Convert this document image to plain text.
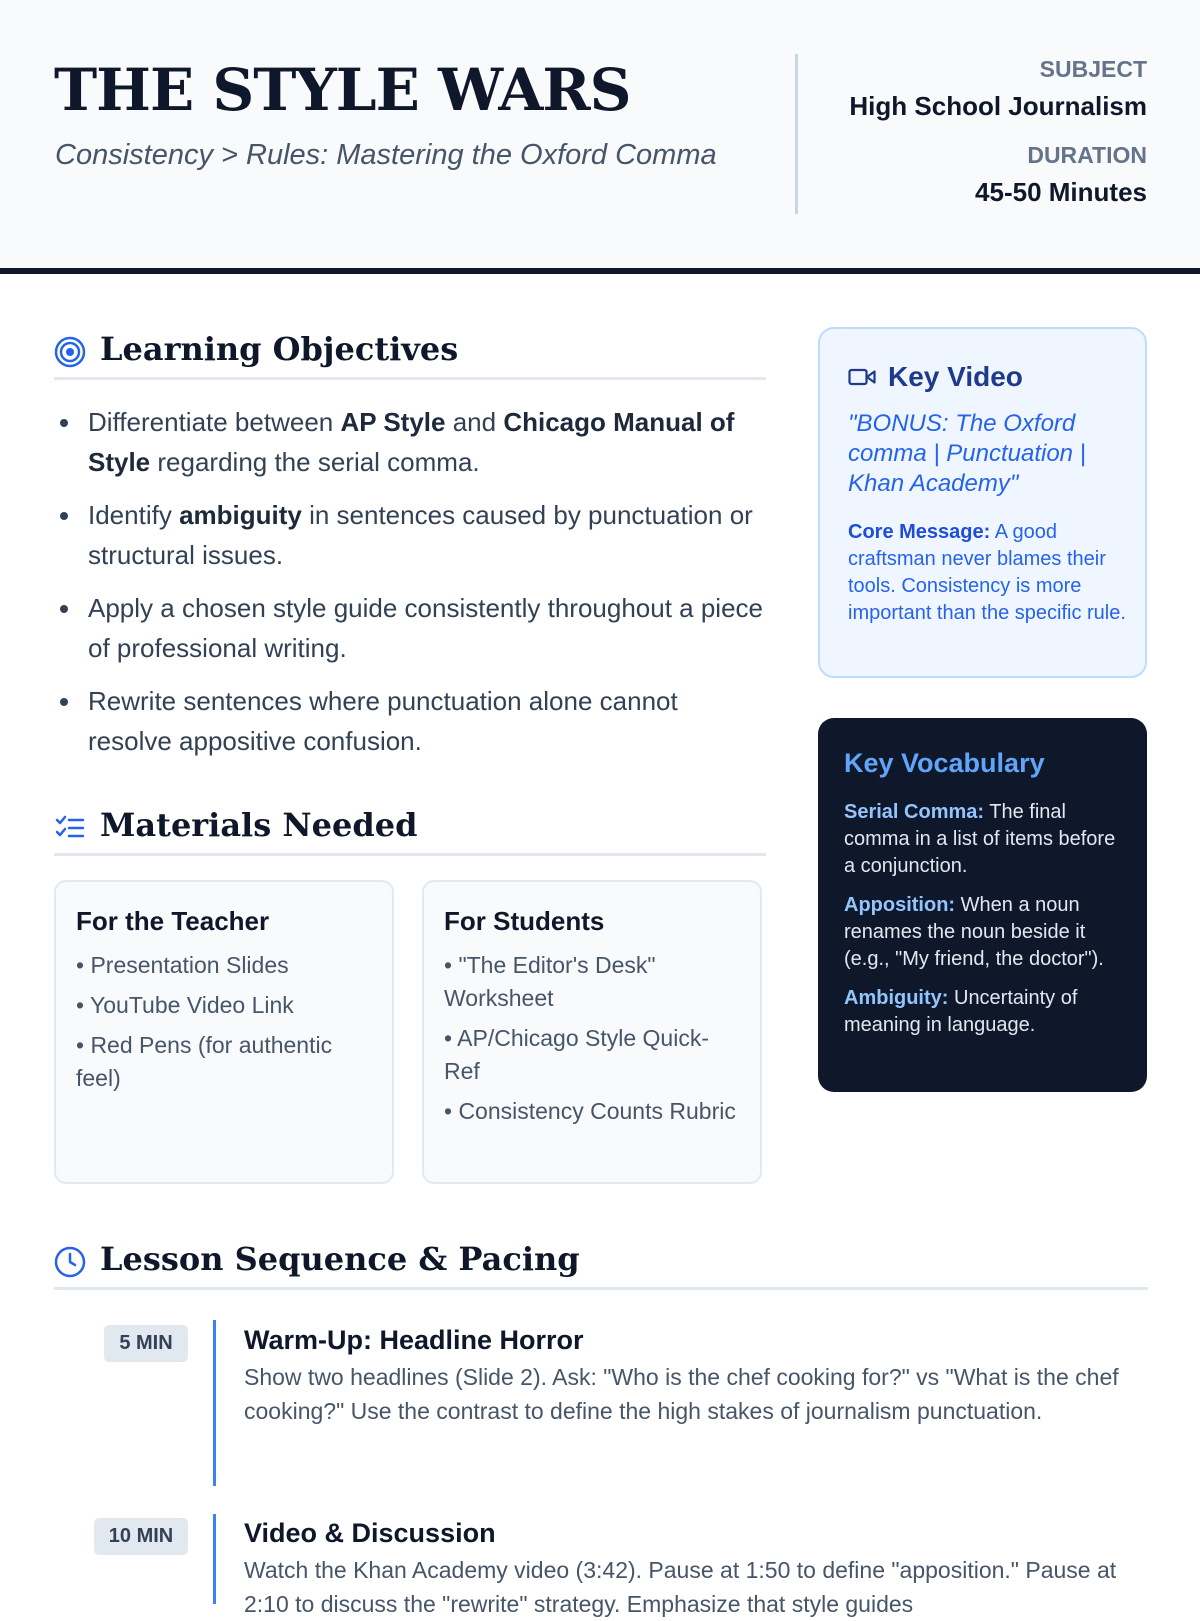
THE STYLE WARS
Consistency > Rules: Mastering the Oxford Comma
SUBJECT
High School Journalism
DURATION
45-50 Minutes
Learning Objectives
Differentiate between AP Style and Chicago Manual of Style regarding the serial comma.
Identify ambiguity in sentences caused by punctuation or structural issues.
Apply a chosen style guide consistently throughout a piece of professional writing.
Rewrite sentences where punctuation alone cannot resolve appositive confusion.
Materials Needed
For the Teacher
• Presentation Slides
• YouTube Video Link
• Red Pens (for authentic feel)
For Students
• "The Editor's Desk" Worksheet
• AP/Chicago Style Quick-Ref
• Consistency Counts Rubric
Key Video
"BONUS: The Oxford comma | Punctuation | Khan Academy"
Core Message: A good craftsman never blames their tools. Consistency is more important than the specific rule.
Key Vocabulary
Serial Comma: The final comma in a list of items before a conjunction.
Apposition: When a noun renames the noun beside it (e.g., "My friend, the doctor").
Ambiguity: Uncertainty of meaning in language.
Lesson Sequence & Pacing
5 MIN	Warm-Up: Headline Horror
Show two headlines (Slide 2). Ask: "Who is the chef cooking for?" vs "What is the chef cooking?" Use the contrast to define the high stakes of journalism punctuation.
10 MIN	Video & Discussion
Watch the Khan Academy video (3:42). Pause at 1:50 to define "apposition." Pause at 2:10 to discuss the "rewrite" strategy. Emphasize that style guides
